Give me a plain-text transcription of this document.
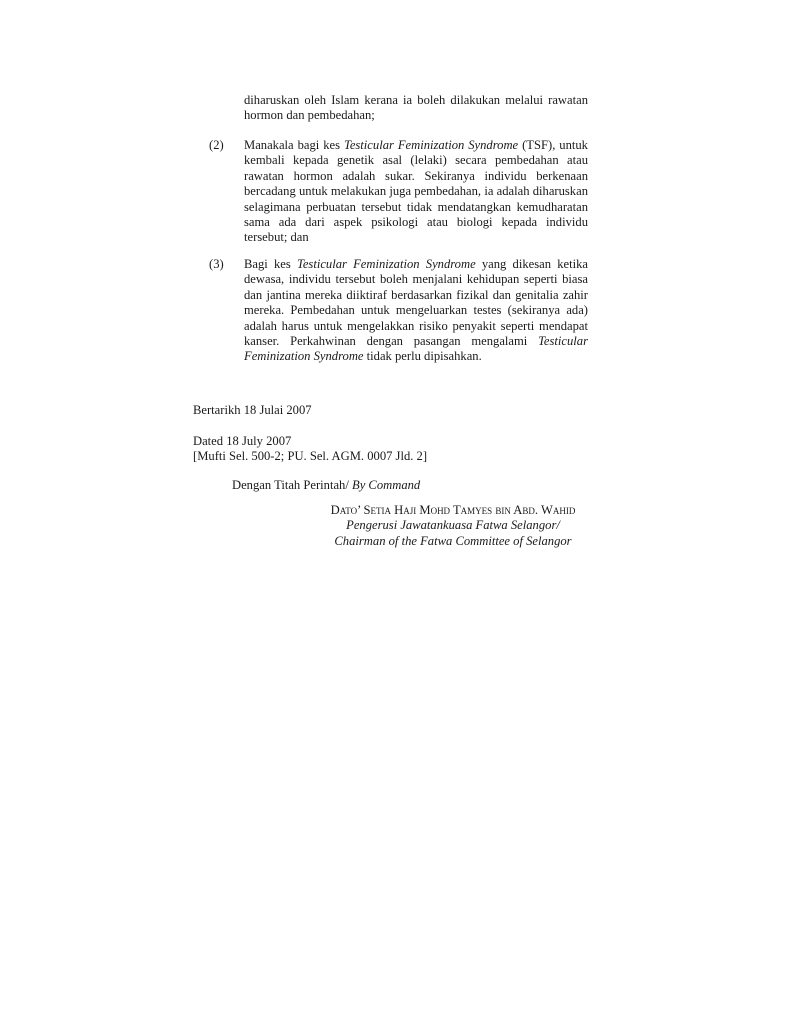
diharuskan oleh Islam kerana ia boleh dilakukan melalui rawatan hormon dan pembedahan;
(2) Manakala bagi kes Testicular Feminization Syndrome (TSF), untuk kembali kepada genetik asal (lelaki) secara pembedahan atau rawatan hormon adalah sukar. Sekiranya individu berkenaan bercadang untuk melakukan juga pembedahan, ia adalah diharuskan selagimana perbuatan tersebut tidak mendatangkan kemudharatan sama ada dari aspek psikologi atau biologi kepada individu tersebut; dan
(3) Bagi kes Testicular Feminization Syndrome yang dikesan ketika dewasa, individu tersebut boleh menjalani kehidupan seperti biasa dan jantina mereka diiktiraf berdasarkan fizikal dan genitalia zahir mereka. Pembedahan untuk mengeluarkan testes (sekiranya ada) adalah harus untuk mengelakkan risiko penyakit seperti mendapat kanser. Perkahwinan dengan pasangan mengalami Testicular Feminization Syndrome tidak perlu dipisahkan.
Bertarikh 18 Julai 2007
Dated 18 July 2007
[Mufti Sel. 500-2; PU. Sel. AGM. 0007 Jld. 2]
Dengan Titah Perintah/ By Command
Dato’ Setia Haji Mohd Tamyes bin Abd. Wahid
Pengerusi Jawatankuasa Fatwa Selangor/
Chairman of the Fatwa Committee of Selangor
